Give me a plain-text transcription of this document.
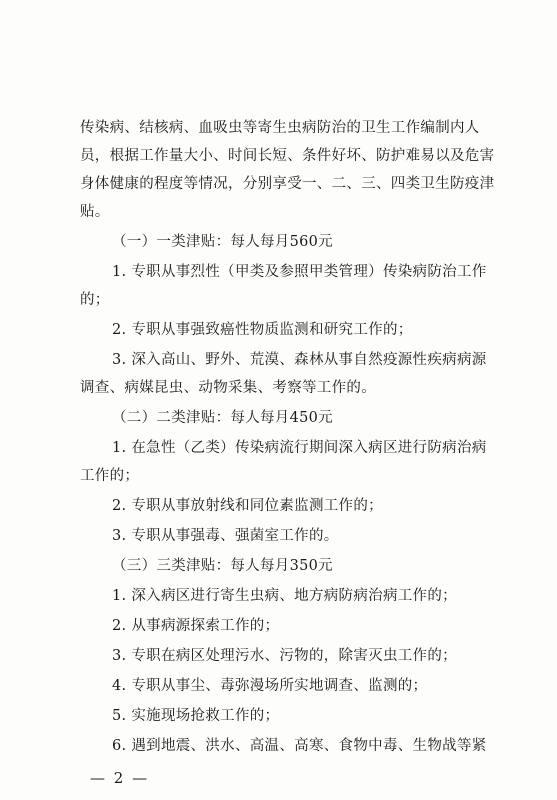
传染病、结核病、血吸虫等寄生虫病防治的卫生工作编制内人
员，根据工作量大小、时间长短、条件好坏、防护难易以及危害
身体健康的程度等情况，分别享受一、二、三、四类卫生防疫津
贴。
（一）一类津贴：每人每月560元
1. 专职从事烈性（甲类及参照甲类管理）传染病防治工作
的；
2. 专职从事强致癌性物质监测和研究工作的；
3. 深入高山、野外、荒漠、森林从事自然疫源性疾病病源
调查、病媒昆虫、动物采集、考察等工作的。
（二）二类津贴：每人每月450元
1. 在急性（乙类）传染病流行期间深入病区进行防病治病
工作的；
2. 专职从事放射线和同位素监测工作的；
3. 专职从事强毒、强菌室工作的。
（三）三类津贴：每人每月350元
1. 深入病区进行寄生虫病、地方病防病治病工作的；
2. 从事病源探索工作的；
3. 专职在病区处理污水、污物的，除害灭虫工作的；
4. 专职从事尘、毒弥漫场所实地调查、监测的；
5. 实施现场抢救工作的；
6. 遇到地震、洪水、高温、高寒、食物中毒、生物战等紧
— 2 —
